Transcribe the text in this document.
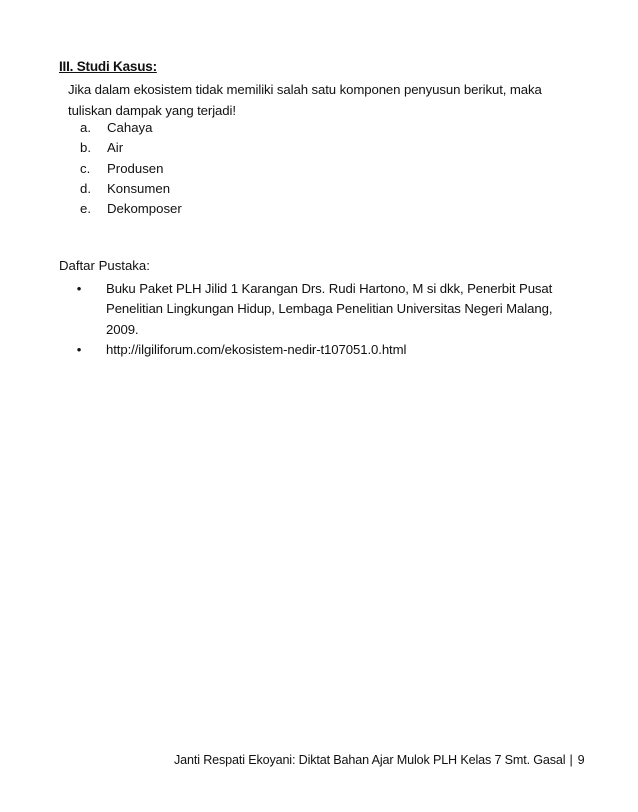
III. Studi Kasus:
Jika dalam ekosistem tidak memiliki salah satu komponen penyusun berikut, maka tuliskan dampak yang terjadi!
a. Cahaya
b. Air
c. Produsen
d. Konsumen
e. Dekomposer
Daftar Pustaka:
• Buku Paket PLH Jilid 1 Karangan Drs. Rudi Hartono, M si dkk, Penerbit Pusat Penelitian Lingkungan Hidup, Lembaga Penelitian Universitas Negeri Malang, 2009.
• http://ilgiliforum.com/ekosistem-nedir-t107051.0.html
Janti Respati Ekoyani: Diktat Bahan Ajar Mulok PLH Kelas 7 Smt. Gasal | 9
